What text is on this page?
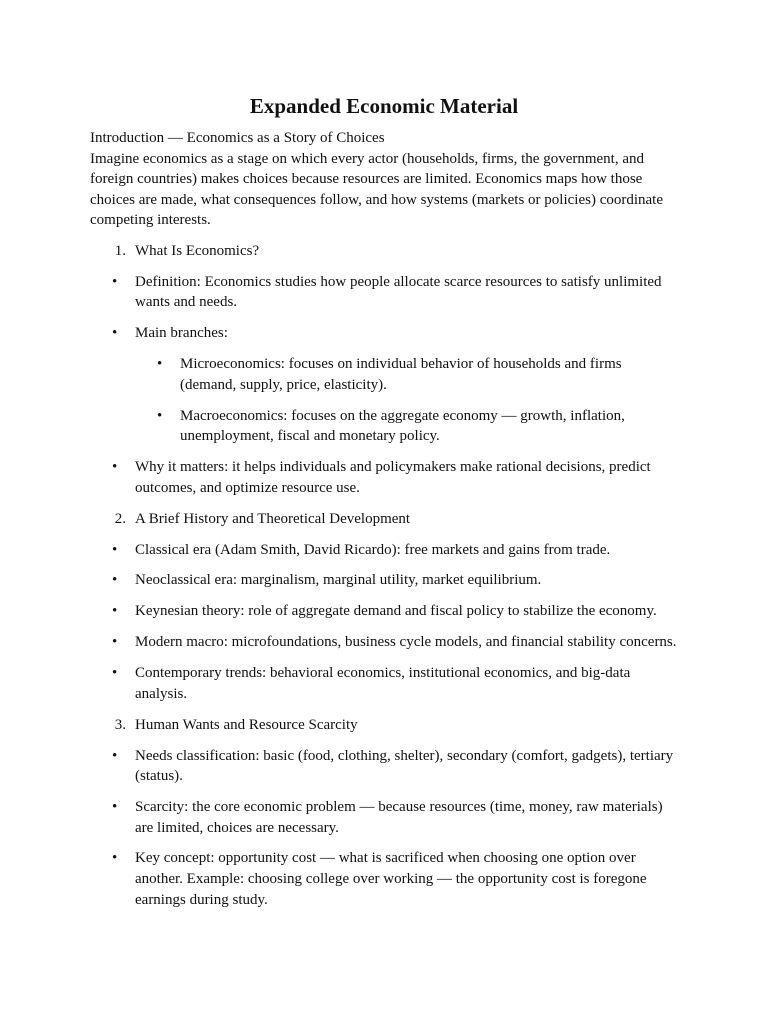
Expanded Economic Material

Introduction — Economics as a Story of Choices

Imagine economics as a stage on which every actor (households, firms, the government, and foreign countries) makes choices because resources are limited. Economics maps how those choices are made, what consequences follow, and how systems (markets or policies) coordinate competing interests.

1. What Is Economics?
• Definition: Economics studies how people allocate scarce resources to satisfy unlimited wants and needs.
• Main branches:
• Microeconomics: focuses on individual behavior of households and firms (demand, supply, price, elasticity).
• Macroeconomics: focuses on the aggregate economy — growth, inflation, unemployment, fiscal and monetary policy.
• Why it matters: it helps individuals and policymakers make rational decisions, predict outcomes, and optimize resource use.
2. A Brief History and Theoretical Development
• Classical era (Adam Smith, David Ricardo): free markets and gains from trade.
• Neoclassical era: marginalism, marginal utility, market equilibrium.
• Keynesian theory: role of aggregate demand and fiscal policy to stabilize the economy.
• Modern macro: microfoundations, business cycle models, and financial stability concerns.
• Contemporary trends: behavioral economics, institutional economics, and big-data analysis.
3. Human Wants and Resource Scarcity
• Needs classification: basic (food, clothing, shelter), secondary (comfort, gadgets), tertiary (status).
• Scarcity: the core economic problem — because resources (time, money, raw materials) are limited, choices are necessary.
• Key concept: opportunity cost — what is sacrificed when choosing one option over another. Example: choosing college over working — the opportunity cost is foregone earnings during study.
